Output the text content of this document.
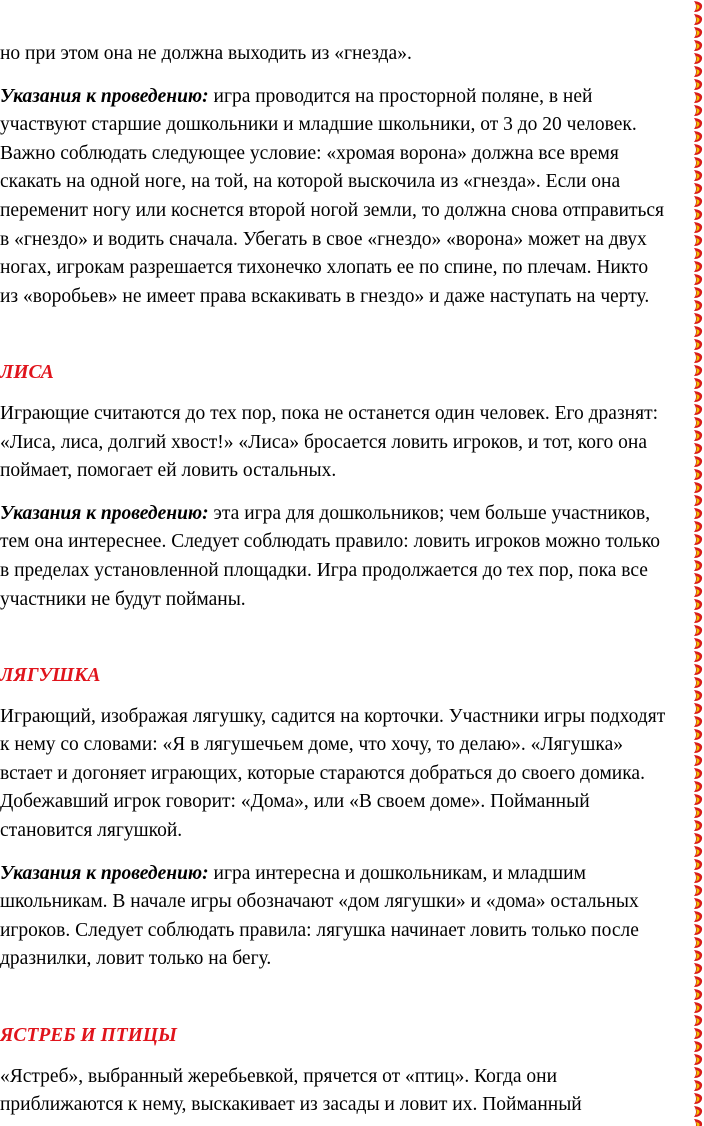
но при этом она не должна выходить из «гнезда».
Указания к проведению: игра проводится на просторной поляне, в ней
участвуют старшие дошкольники и младшие школьники, от 3 до 20 человек.
Важно соблюдать следующее условие: «хромая ворона» должна все время
скакать на одной ноге, на той, на которой выскочила из «гнезда». Если она
переменит ногу или коснется второй ногой земли, то должна снова отправиться
в «гнездо» и водить сначала. Убегать в свое «гнездо» «ворона» может на двух
ногах, игрокам разрешается тихонечко хлопать ее по спине, по плечам. Никто
из «воробьев» не имеет права вскакивать в гнездо» и даже наступать на черту.
ЛИСА
Играющие считаются до тех пор, пока не останется один человек. Его дразнят:
«Лиса, лиса, долгий хвост!» «Лиса» бросается ловить игроков, и тот, кого она
поймает, помогает ей ловить остальных.
Указания к проведению: эта игра для дошкольников; чем больше участников,
тем она интереснее. Следует соблюдать правило: ловить игроков можно только
в пределах установленной площадки. Игра продолжается до тех пор, пока все
участники не будут пойманы.
ЛЯГУШКА
Играющий, изображая лягушку, садится на корточки. Участники игры подходят
к нему со словами: «Я в лягушечьем доме, что хочу, то делаю». «Лягушка»
встает и догоняет играющих, которые стараются добраться до своего домика.
Добежавший игрок говорит: «Дома», или «В своем доме». Пойманный
становится лягушкой.
Указания к проведению: игра интересна и дошкольникам, и младшим
школьникам. В начале игры обозначают «дом лягушки» и «дома» остальных
игроков. Следует соблюдать правила: лягушка начинает ловить только после
дразнилки, ловит только на бегу.
ЯСТРЕБ И ПТИЦЫ
«Ястреб», выбранный жеребьевкой, прячется от «птиц». Когда они
приближаются к нему, выскакивает из засады и ловит их. Пойманный
